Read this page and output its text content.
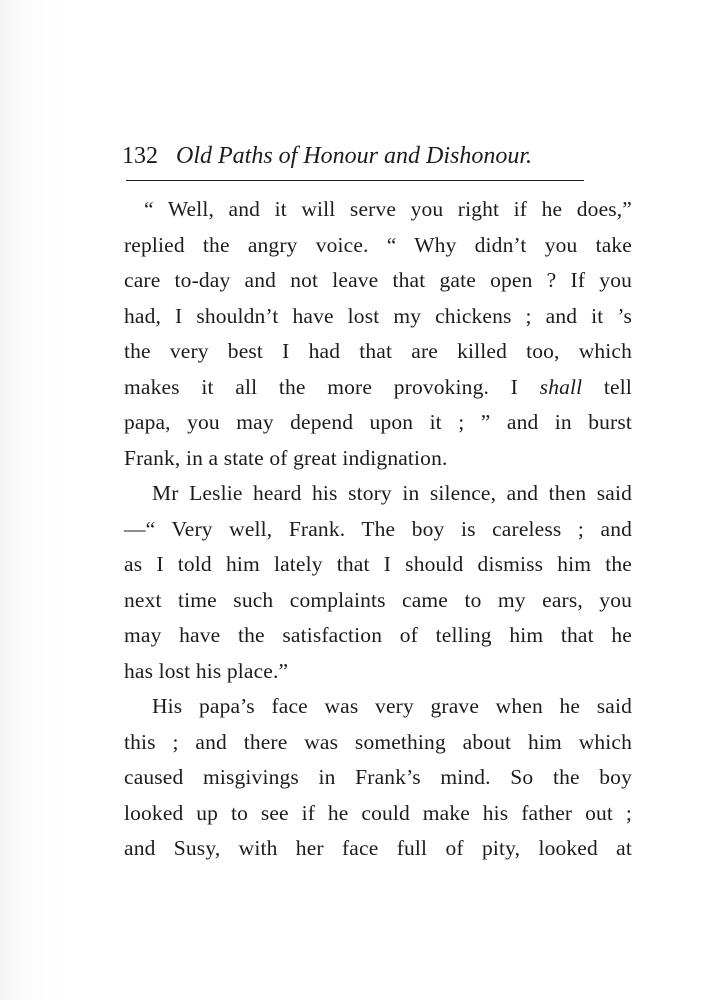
132 Old Paths of Honour and Dishonour.
“ Well, and it will serve you right if he does,”
replied the angry voice. “ Why didn’t you take
care to-day and not leave that gate open ? If you
had, I shouldn’t have lost my chickens ; and it ’s
the very best I had that are killed too, which
makes it all the more provoking. I shall tell
papa, you may depend upon it ; ” and in burst
Frank, in a state of great indignation.
Mr Leslie heard his story in silence, and then said
—“ Very well, Frank. The boy is careless ; and
as I told him lately that I should dismiss him the
next time such complaints came to my ears, you
may have the satisfaction of telling him that he
has lost his place.”
His papa’s face was very grave when he said
this ; and there was something about him which
caused misgivings in Frank’s mind. So the boy
looked up to see if he could make his father out ;
and Susy, with her face full of pity, looked at
